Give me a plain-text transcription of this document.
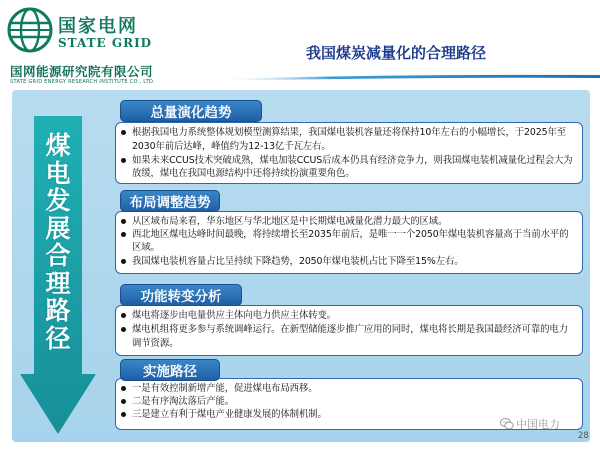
国家电网
STATE GRID
国网能源研究院有限公司
STATE GRID ENERGY RESEARCH INSTITUTE CO., LTD.
我国煤炭减量化的合理路径
煤
电
发
展
合
理
路
径
根据我国电力系统整体规划模型测算结果，我国煤电装机容量还将保持10年左右的小幅增长，于2025年至2030年前后达峰，峰值约为12-13亿千瓦左右。
如果未来CCUS技术突破成熟，煤电加装CCUS后成本仍具有经济竞争力，则我国煤电装机减量化过程会大为放缓，煤电在我国电源结构中还将持续扮演重要角色。
总量演化趋势
从区域布局来看，华东地区与华北地区是中长期煤电减量化潜力最大的区域。
西北地区煤电达峰时间最晚，将持续增长至2035年前后，是唯一一个2050年煤电装机容量高于当前水平的区域。
我国煤电装机容量占比呈持续下降趋势，2050年煤电装机占比下降至15%左右。
布局调整趋势
煤电将逐步由电量供应主体向电力供应主体转变。
煤电机组将更多参与系统调峰运行。在新型储能逐步推广应用的同时，煤电将长期是我国最经济可靠的电力调节资源。
功能转变分析
一是有效控制新增产能，促进煤电布局西移。
二是有序淘汰落后产能。
三是建立有利于煤电产业健康发展的体制机制。
实施路径
中国电力
28
